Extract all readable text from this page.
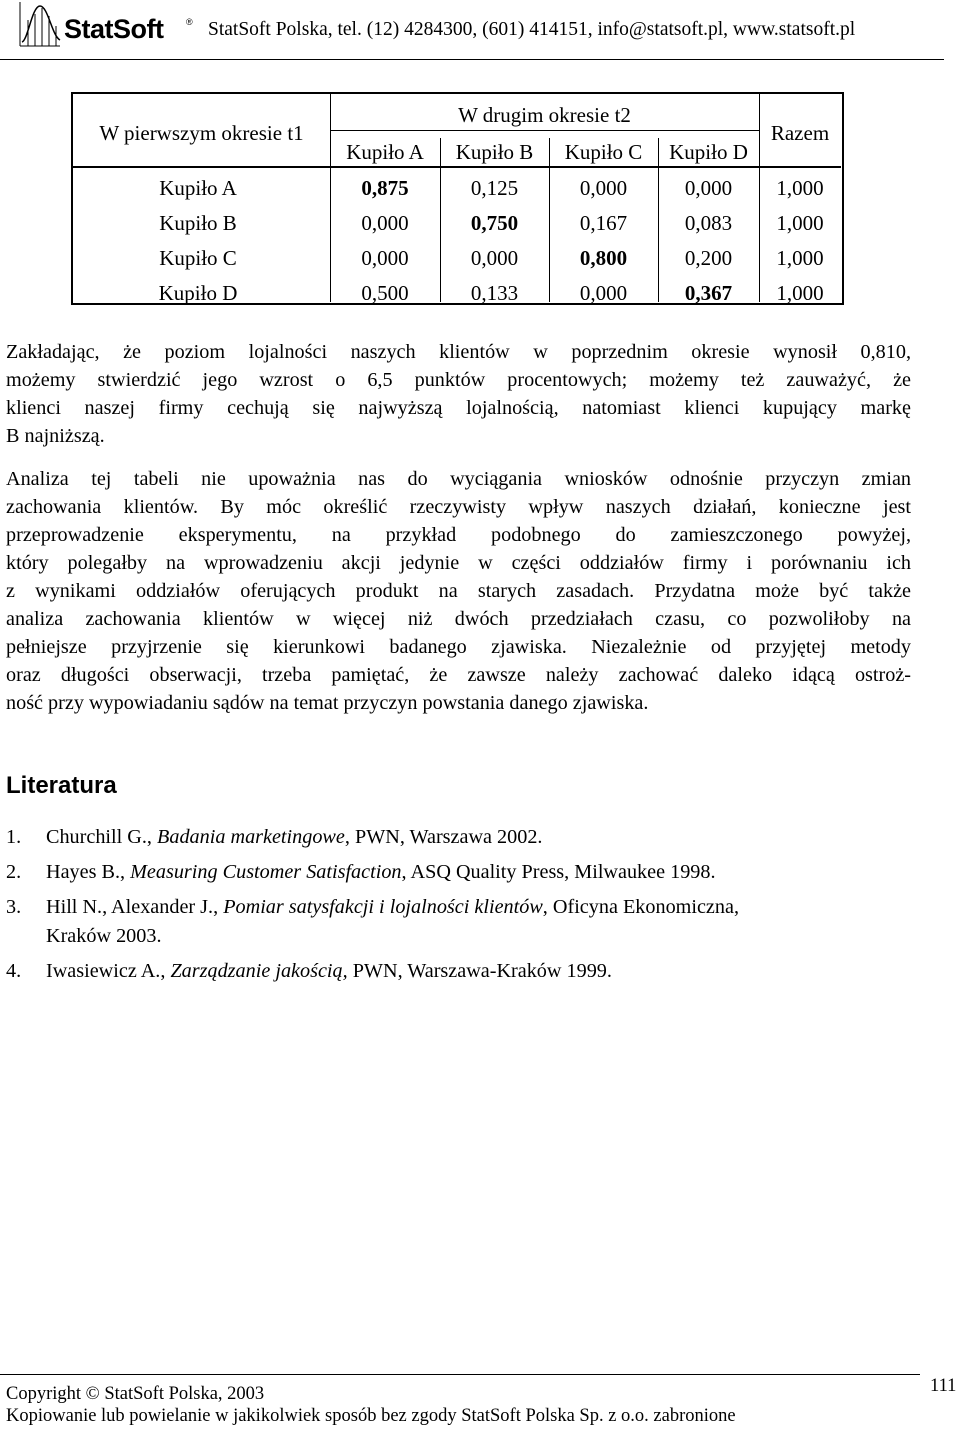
StatSoft	® StatSoft Polska, tel. (12) 4284300, (601) 414151, info@statsoft.pl, www.statsoft.pl
W pierwszym okresie t1
W drugim okresie t2
Razem
Kupiło A	Kupiło B	Kupiło C	Kupiło D
Kupiło A	0,875	0,125	0,000	0,000	1,000
Kupiło B	0,000	0,750	0,167	0,083	1,000
Kupiło C	0,000	0,000	0,800	0,200	1,000
Kupiło D	0,500	0,133	0,000	0,367	1,000
Zakładając, że poziom lojalności naszych klientów w poprzednim okresie wynosił 0,810,
możemy stwierdzić jego wzrost o 6,5 punktów procentowych; możemy też zauważyć, że
klienci naszej firmy cechują się najwyższą lojalnością, natomiast klienci kupujący markę
B najniższą.
Analiza tej tabeli nie upoważnia nas do wyciągania wniosków odnośnie przyczyn zmian
zachowania klientów. By móc określić rzeczywisty wpływ naszych działań, konieczne jest
przeprowadzenie eksperymentu, na przykład podobnego do zamieszczonego powyżej,
który polegałby na wprowadzeniu akcji jedynie w części oddziałów firmy i porównaniu ich
z wynikami oddziałów oferujących produkt na starych zasadach. Przydatna może być także
analiza zachowania klientów w więcej niż dwóch przedziałach czasu, co pozwoliłoby na
pełniejsze przyjrzenie się kierunkowi badanego zjawiska. Niezależnie od przyjętej metody
oraz długości obserwacji, trzeba pamiętać, że zawsze należy zachować daleko idącą ostroż-
ność przy wypowiadaniu sądów na temat przyczyn powstania danego zjawiska.
Literatura
1. Churchill G., Badania marketingowe, PWN, Warszawa 2002.
2. Hayes B., Measuring Customer Satisfaction, ASQ Quality Press, Milwaukee 1998.
3. Hill N., Alexander J., Pomiar satysfakcji i lojalności klientów, Oficyna Ekonomiczna,
Kraków 2003.
4. Iwasiewicz A., Zarządzanie jakością, PWN, Warszawa-Kraków 1999.
Copyright © StatSoft Polska, 2003
Kopiowanie lub powielanie w jakikolwiek sposób bez zgody StatSoft Polska Sp. z o.o. zabronione
111
